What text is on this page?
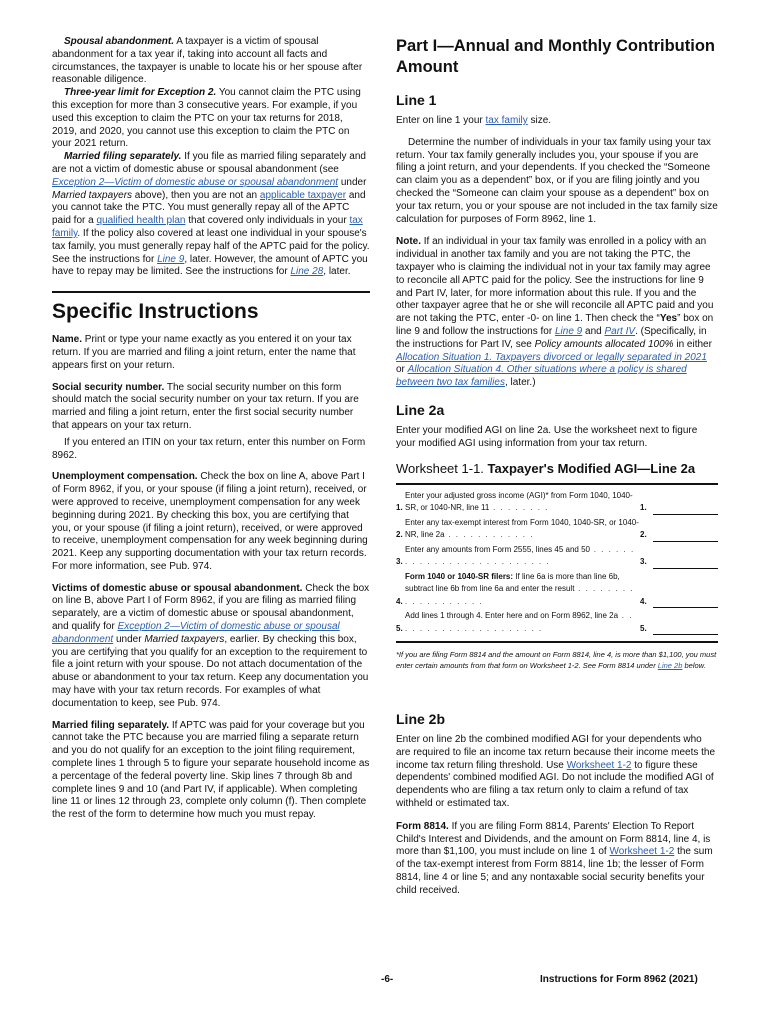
Spousal abandonment. A taxpayer is a victim of spousal abandonment for a tax year if, taking into account all facts and circumstances, the taxpayer is unable to locate his or her spouse after reasonable diligence.

Three-year limit for Exception 2. You cannot claim the PTC using this exception for more than 3 consecutive years. For example, if you used this exception to claim the PTC on your tax returns for 2018, 2019, and 2020, you cannot use this exception to claim the PTC on your 2021 return.

Married filing separately. If you file as married filing separately and are not a victim of domestic abuse or spousal abandonment (see Exception 2—Victim of domestic abuse or spousal abandonment under Married taxpayers above), then you are not an applicable taxpayer and you cannot take the PTC. You must generally repay all of the APTC paid for a qualified health plan that covered only individuals in your tax family. If the policy also covered at least one individual in your spouse's tax family, you must generally repay half of the APTC paid for the policy. See the instructions for Line 9, later. However, the amount of APTC you have to repay may be limited. See the instructions for Line 28, later.

Specific Instructions

Name. Print or type your name exactly as you entered it on your tax return. If you are married and filing a joint return, enter the name that appears first on your return.

Social security number. The social security number on this form should match the social security number on your tax return. If you are married and filing a joint return, enter the first social security number that appears on your tax return.

If you entered an ITIN on your tax return, enter this number on Form 8962.

Unemployment compensation. Check the box on line A, above Part I of Form 8962, if you, or your spouse (if filing a joint return), received, or were approved to receive, unemployment compensation for any week beginning during 2021. By checking this box, you are certifying that you, or your spouse (if filing a joint return), received, or were approved to receive, unemployment compensation for any week beginning during 2021. Keep any supporting documentation with your tax return records. For more information, see Pub. 974.

Victims of domestic abuse or spousal abandonment. Check the box on line B, above Part I of Form 8962, if you are filing as married filing separately, are a victim of domestic abuse or spousal abandonment, and qualify for Exception 2—Victim of domestic abuse or spousal abandonment under Married taxpayers, earlier. By checking this box, you are certifying that you qualify for an exception to the requirement to file a joint return with your spouse. Do not attach documentation of the abuse or abandonment to your tax return. Keep any documentation you may have with your tax return records. For examples of what documentation to keep, see Pub. 974.

Married filing separately. If APTC was paid for your coverage but you cannot take the PTC because you are married filing a separate return and you do not qualify for an exception to the joint filing requirement, complete lines 1 through 5 to figure your separate household income as a percentage of the federal poverty line. Skip lines 7 through 8b and complete lines 9 and 10 (and Part IV, if applicable). When completing line 11 or lines 12 through 23, complete only column (f). Then complete the rest of the form to determine how much you must repay.

Part I—Annual and Monthly Contribution Amount
Line 1

Enter on line 1 your tax family size.

Determine the number of individuals in your tax family using your tax return. Your tax family generally includes you, your spouse if you are filing a joint return, and your dependents. If you checked the “Someone can claim you as a dependent” box, or if you are filing jointly and you checked the “Someone can claim your spouse as a dependent” box on your tax return, you or your spouse are not included in the tax family size calculation for purposes of Form 8962, line 1.

Note. If an individual in your tax family was enrolled in a policy with an individual in another tax family and you are not taking the PTC, the taxpayer who is claiming the individual not in your tax family may agree to reconcile all APTC paid for the policy. See the instructions for line 9 and Part IV, later, for more information about this rule. If you and the other taxpayer agree that he or she will reconcile all APTC paid and you are not taking the PTC, enter -0- on line 1. Then check the “Yes” box on line 9 and follow the instructions for Line 9 and Part IV. (Specifically, in the instructions for Part IV, see Policy amounts allocated 100% in either Allocation Situation 1. Taxpayers divorced or legally separated in 2021 or Allocation Situation 4. Other situations where a policy is shared between two tax families, later.)

Line 2a

Enter your modified AGI on line 2a. Use the worksheet next to figure your modified AGI using information from your tax return.

Worksheet 1-1. Taxpayer's Modified AGI—Line 2a
1.
Enter your adjusted gross income (AGI)* from Form 1040, 1040-SR, or 1040-NR, line 11 . . . . . . . .	1.
2.
Enter any tax-exempt interest from Form 1040, 1040-SR, or 1040-NR, line 2a . . . . . . . . . . . .	2.
3.
Enter any amounts from Form 2555, lines 45 and 50 . . . . . . . . . . . . . . . . . . . . . . . . . .	3.
4.
Form 1040 or 1040-SR filers: If line 6a is more than line 6b, subtract line 6b from line 6a and enter the result . . . . . . . . . . . . . . . . . . .	4.
5.
Add lines 1 through 4. Enter here and on Form 8962, line 2a . . . . . . . . . . . . . . . . . . . . .	5.
*If you are filing Form 8814 and the amount on Form 8814, line 4, is more than $1,100, you must enter certain amounts from that form on Worksheet 1-2. See Form 8814 under Line 2b below.
Line 2b

Enter on line 2b the combined modified AGI for your dependents who are required to file an income tax return because their income meets the income tax return filing threshold. Use Worksheet 1-2 to figure these dependents' combined modified AGI. Do not include the modified AGI of dependents who are filing a tax return only to claim a refund of tax withheld or estimated tax.

Form 8814. If you are filing Form 8814, Parents' Election To Report Child's Interest and Dividends, and the amount on Form 8814, line 4, is more than $1,100, you must include on line 1 of Worksheet 1-2 the sum of the tax-exempt interest from Form 8814, line 1b; the lesser of Form 8814, line 4 or line 5; and any nontaxable social security benefits your child received.

-6-	Instructions for Form 8962 (2021)
